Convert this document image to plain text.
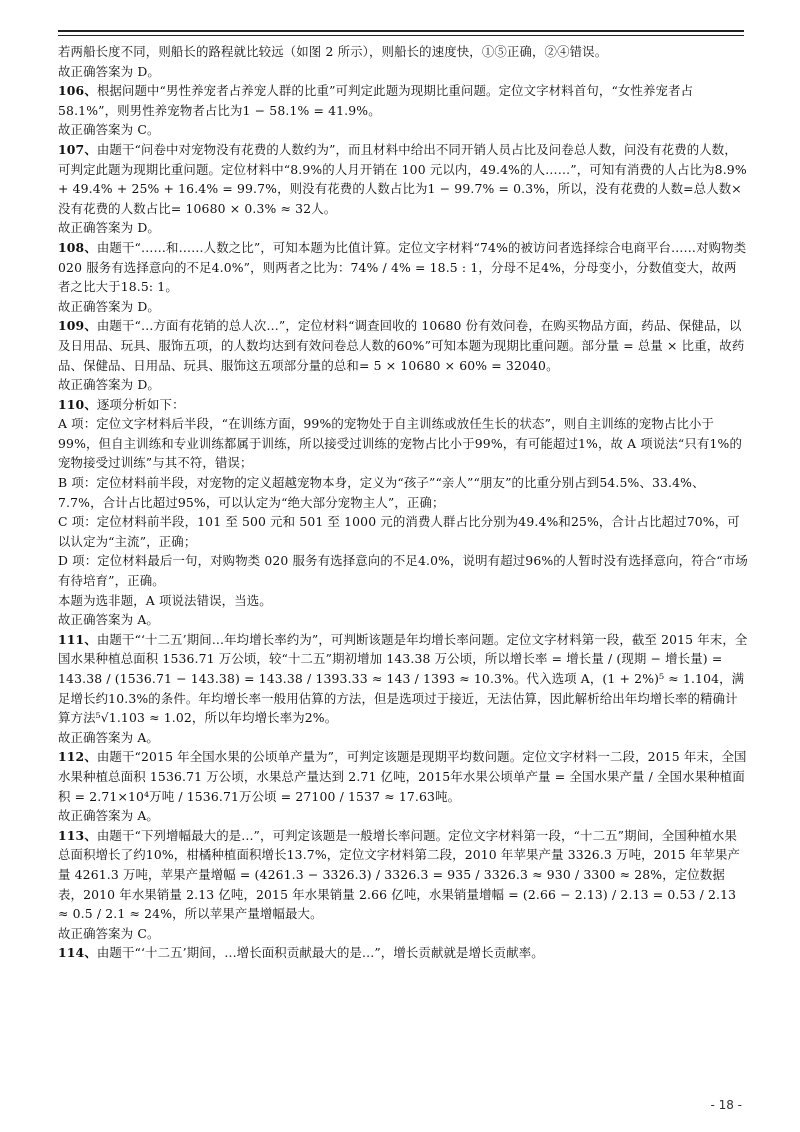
若两船长度不同，则船长的路程就比较远（如图 2 所示），则船长的速度快，①⑤正确，②④错误。

故正确答案为 D。

106、根据问题中“男性养宠者占养宠人群的比重”可判定此题为现期比重问题。定位文字材料首句，“女性养宠者占58.1%”，则男性养宠物者占比为1 − 58.1% = 41.9%。

故正确答案为 C。

107、由题干“问卷中对宠物没有花费的人数约为”，而且材料中给出不同开销人员占比及问卷总人数，问没有花费的人数，可判定此题为现期比重问题。定位材料中“8.9%的人月开销在 100 元以内，49.4%的人……”，可知有消费的人占比为8.9% + 49.4% + 25% + 16.4% = 99.7%，则没有花费的人数占比为1 − 99.7% = 0.3%，所以，没有花费的人数=总人数×没有花费的人数占比= 10680 × 0.3% ≈ 32人。

故正确答案为 D。

108、由题干“……和……人数之比”，可知本题为比值计算。定位文字材料“74%的被访问者选择综合电商平台……对购物类 020 服务有选择意向的不足4.0%”，则两者之比为：74% / 4% = 18.5 : 1，分母不足4%，分母变小，分数值变大，故两者之比大于18.5: 1。

故正确答案为 D。

109、由题干“…方面有花销的总人次…”，定位材料“调查回收的 10680 份有效问卷，在购买物品方面，药品、保健品，以及日用品、玩具、服饰五项，的人数均达到有效问卷总人数的60%”可知本题为现期比重问题。部分量 = 总量 × 比重，故药品、保健品、日用品、玩具、服饰这五项部分量的总和= 5 × 10680 × 60% = 32040。

故正确答案为 D。

110、逐项分析如下：

A 项：定位文字材料后半段，“在训练方面，99%的宠物处于自主训练或放任生长的状态”，则自主训练的宠物占比小于99%，但自主训练和专业训练都属于训练，所以接受过训练的宠物占比小于99%，有可能超过1%，故 A 项说法“只有1%的宠物接受过训练”与其不符，错误；

B 项：定位材料前半段，对宠物的定义超越宠物本身，定义为“孩子”“亲人”“朋友”的比重分别占到54.5%、33.4%、7.7%，合计占比超过95%，可以认定为“绝大部分宠物主人”，正确；

C 项：定位材料前半段，101 至 500 元和 501 至 1000 元的消费人群占比分别为49.4%和25%，合计占比超过70%，可以认定为“主流”，正确；

D 项：定位材料最后一句，对购物类 020 服务有选择意向的不足4.0%，说明有超过96%的人暂时没有选择意向，符合“市场有待培育”，正确。

本题为选非题，A 项说法错误，当选。

故正确答案为 A。

111、由题干“‘十二五’期间...年均增长率约为”，可判断该题是年均增长率问题。定位文字材料第一段，截至 2015 年末，全国水果种植总面积 1536.71 万公顷，较“十二五”期初增加 143.38 万公顷，所以增长率 = 增长量 / (现期 − 增长量) = 143.38 / (1536.71 − 143.38) = 143.38 / 1393.33 ≈ 143 / 1393 ≈ 10.3%。代入选项 A，(1 + 2%)⁵ ≈ 1.104，满足增长约10.3%的条件。年均增长率一般用估算的方法，但是选项过于接近，无法估算，因此解析给出年均增长率的精确计算方法⁵√1.103 ≈ 1.02，所以年均增长率为2%。

故正确答案为 A。

112、由题干“2015 年全国水果的公顷单产量为”，可判定该题是现期平均数问题。定位文字材料一二段，2015 年末，全国水果种植总面积 1536.71 万公顷，水果总产量达到 2.71 亿吨，2015年水果公顷单产量 = 全国水果产量 / 全国水果种植面积 = 2.71×10⁴万吨 / 1536.71万公顷 = 27100 / 1537 ≈ 17.63吨。

故正确答案为 A。

113、由题干“下列增幅最大的是...”，可判定该题是一般增长率问题。定位文字材料第一段，“十二五”期间，全国种植水果总面积增长了约10%，柑橘种植面积增长13.7%，定位文字材料第二段，2010 年苹果产量 3326.3 万吨，2015 年苹果产量 4261.3 万吨，苹果产量增幅 = (4261.3 − 3326.3) / 3326.3 = 935 / 3326.3 ≈ 930 / 3300 ≈ 28%，定位数据表，2010 年水果销量 2.13 亿吨，2015 年水果销量 2.66 亿吨，水果销量增幅 = (2.66 − 2.13) / 2.13 = 0.53 / 2.13 ≈ 0.5 / 2.1 ≈ 24%，所以苹果产量增幅最大。

故正确答案为 C。

114、由题干“‘十二五’期间，...增长面积贡献最大的是...”，增长贡献就是增长贡献率。

- 18 -
